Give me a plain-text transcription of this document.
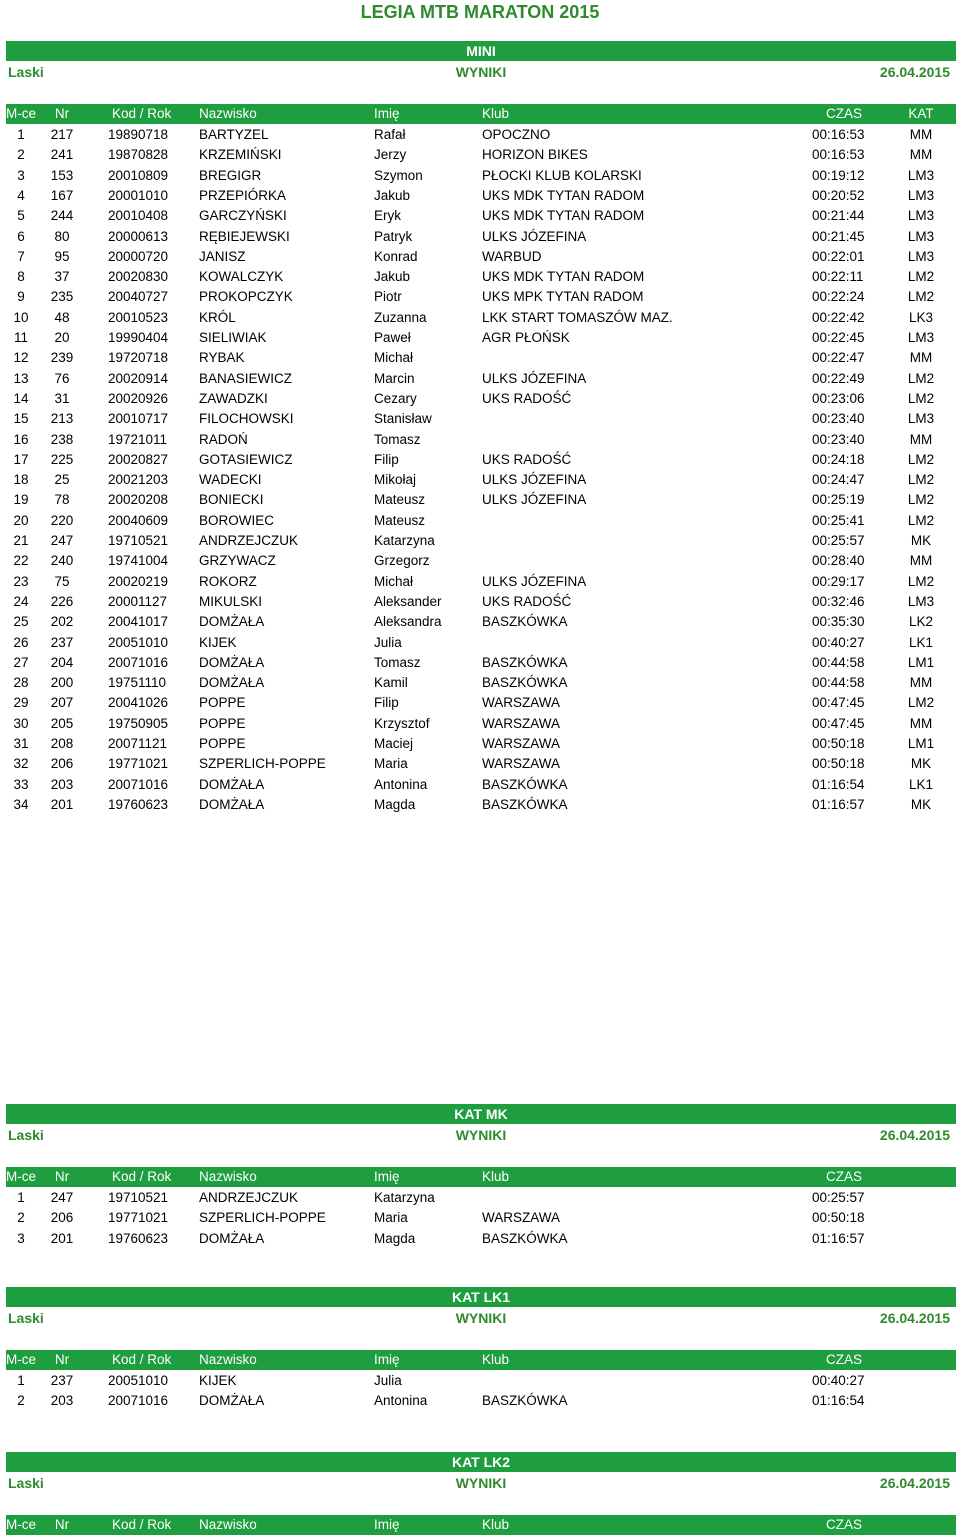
LEGIA MTB MARATON 2015
MINI
Laski	WYNIKI	26.04.2015
M-ce	Nr	Kod / Rok Nazwisko	Imię	Klub	CZAS	KAT
1	217	19890718 BARTYZEL	Rafał	OPOCZNO	00:16:53	MM
2	241	19870828 KRZEMIŃSKI	Jerzy	HORIZON BIKES	00:16:53	MM
3	153	20010809 BREGIGR	Szymon	PŁOCKI KLUB KOLARSKI	00:19:12	LM3
4	167	20001010 PRZEPIÓRKA	Jakub	UKS MDK TYTAN RADOM	00:20:52	LM3
5	244	20010408 GARCZYŃSKI	Eryk	UKS MDK TYTAN RADOM	00:21:44	LM3
6	80	20000613 RĘBIEJEWSKI	Patryk	ULKS JÓZEFINA	00:21:45	LM3
7	95	20000720 JANISZ	Konrad	WARBUD	00:22:01	LM3
8	37	20020830 KOWALCZYK	Jakub	UKS MDK TYTAN RADOM	00:22:11	LM2
9	235	20040727 PROKOPCZYK	Piotr	UKS MPK TYTAN RADOM	00:22:24	LM2
10	48	20010523 KRÓL	Zuzanna	LKK START TOMASZÓW MAZ.	00:22:42	LK3
11	20	19990404 SIELIWIAK	Paweł	AGR PŁOŃSK	00:22:45	LM3
12	239	19720718 RYBAK	Michał	00:22:47	MM
13	76	20020914 BANASIEWICZ	Marcin	ULKS JÓZEFINA	00:22:49	LM2
14	31	20020926 ZAWADZKI	Cezary	UKS RADOŚĆ	00:23:06	LM2
15	213	20010717 FILOCHOWSKI	Stanisław	00:23:40	LM3
16	238	19721011 RADOŃ	Tomasz	00:23:40	MM
17	225	20020827 GOTASIEWICZ	Filip	UKS RADOŚĆ	00:24:18	LM2
18	25	20021203 WADECKI	Mikołaj	ULKS JÓZEFINA	00:24:47	LM2
19	78	20020208 BONIECKI	Mateusz	ULKS JÓZEFINA	00:25:19	LM2
20	220	20040609 BOROWIEC	Mateusz	00:25:41	LM2
21	247	19710521 ANDRZEJCZUK	Katarzyna	00:25:57	MK
22	240	19741004 GRZYWACZ	Grzegorz	00:28:40	MM
23	75	20020219 ROKORZ	Michał	ULKS JÓZEFINA	00:29:17	LM2
24	226	20001127 MIKULSKI	Aleksander	UKS RADOŚĆ	00:32:46	LM3
25	202	20041017 DOMŻAŁA	Aleksandra	BASZKÓWKA	00:35:30	LK2
26	237	20051010 KIJEK	Julia	00:40:27	LK1
27	204	20071016 DOMŻAŁA	Tomasz	BASZKÓWKA	00:44:58	LM1
28	200	19751110 DOMŻAŁA	Kamil	BASZKÓWKA	00:44:58	MM
29	207	20041026 POPPE	Filip	WARSZAWA	00:47:45	LM2
30	205	19750905 POPPE	Krzysztof	WARSZAWA	00:47:45	MM
31	208	20071121 POPPE	Maciej	WARSZAWA	00:50:18	LM1
32	206	19771021 SZPERLICH-POPPE	Maria	WARSZAWA	00:50:18	MK
33	203	20071016 DOMŻAŁA	Antonina	BASZKÓWKA	01:16:54	LK1
34	201	19760623 DOMŻAŁA	Magda	BASZKÓWKA	01:16:57	MK
KAT MK
Laski	WYNIKI	26.04.2015
M-ce	Nr	Kod / Rok Nazwisko	Imię	Klub	CZAS
1	247	19710521 ANDRZEJCZUK	Katarzyna	00:25:57
2	206	19771021 SZPERLICH-POPPE	Maria	WARSZAWA	00:50:18
3	201	19760623 DOMŻAŁA	Magda	BASZKÓWKA	01:16:57
KAT LK1
Laski	WYNIKI	26.04.2015
M-ce	Nr	Kod / Rok Nazwisko	Imię	Klub	CZAS
1	237	20051010 KIJEK	Julia	00:40:27
2	203	20071016 DOMŻAŁA	Antonina	BASZKÓWKA	01:16:54
KAT LK2
Laski	WYNIKI	26.04.2015
M-ce	Nr	Kod / Rok Nazwisko	Imię	Klub	CZAS
